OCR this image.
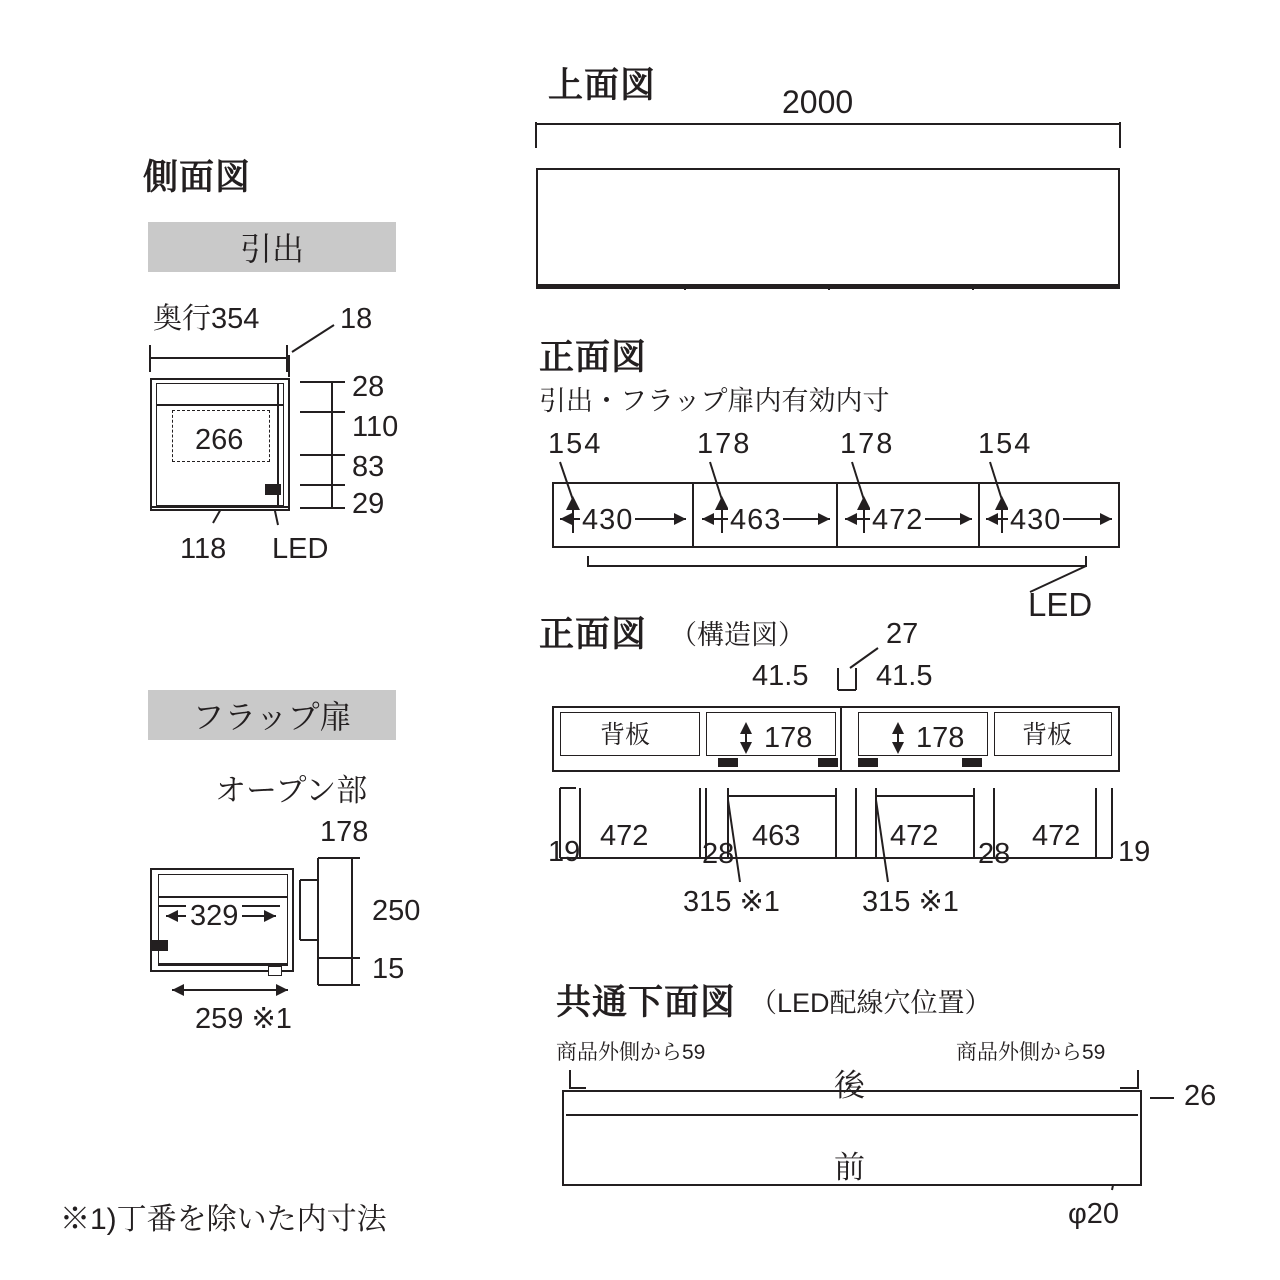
側面図
引出
奥行354	18
28
110
83
29
266
118 LED
フラップ扉
オープン部
178
329	250
15
259 ※1
※1)丁番を除いた内寸法
上面図	2000
正面図
引出・フラップ扉内有効内寸
154	178	178	154
430	463	472	430
LED
正面図 （構造図）	27
41.5 41.5
背板	背板
178	178
19 472
28
463	472
28
472 19
315 ※1	315 ※1
共通下面図 （LED配線穴位置）
商品外側から59	商品外側から59
後
前
26
φ20
